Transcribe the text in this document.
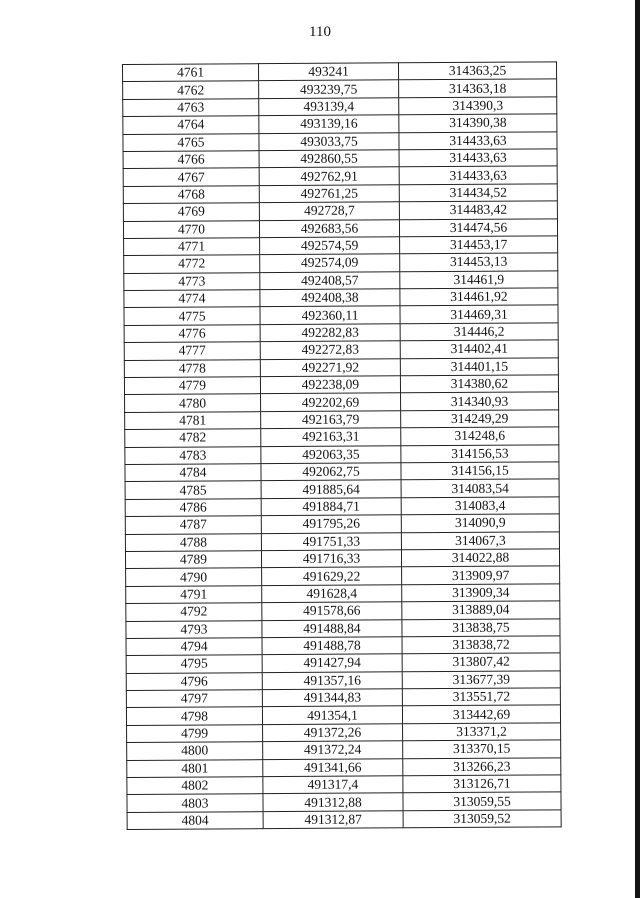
110
4761	493241	314363,25
4762	493239,75	314363,18
4763	493139,4	314390,3
4764	493139,16	314390,38
4765	493033,75	314433,63
4766	492860,55	314433,63
4767	492762,91	314433,63
4768	492761,25	314434,52
4769	492728,7	314483,42
4770	492683,56	314474,56
4771	492574,59	314453,17
4772	492574,09	314453,13
4773	492408,57	314461,9
4774	492408,38	314461,92
4775	492360,11	314469,31
4776	492282,83	314446,2
4777	492272,83	314402,41
4778	492271,92	314401,15
4779	492238,09	314380,62
4780	492202,69	314340,93
4781	492163,79	314249,29
4782	492163,31	314248,6
4783	492063,35	314156,53
4784	492062,75	314156,15
4785	491885,64	314083,54
4786	491884,71	314083,4
4787	491795,26	314090,9
4788	491751,33	314067,3
4789	491716,33	314022,88
4790	491629,22	313909,97
4791	491628,4	313909,34
4792	491578,66	313889,04
4793	491488,84	313838,75
4794	491488,78	313838,72
4795	491427,94	313807,42
4796	491357,16	313677,39
4797	491344,83	313551,72
4798	491354,1	313442,69
4799	491372,26	313371,2
4800	491372,24	313370,15
4801	491341,66	313266,23
4802	491317,4	313126,71
4803	491312,88	313059,55
4804	491312,87	313059,52
